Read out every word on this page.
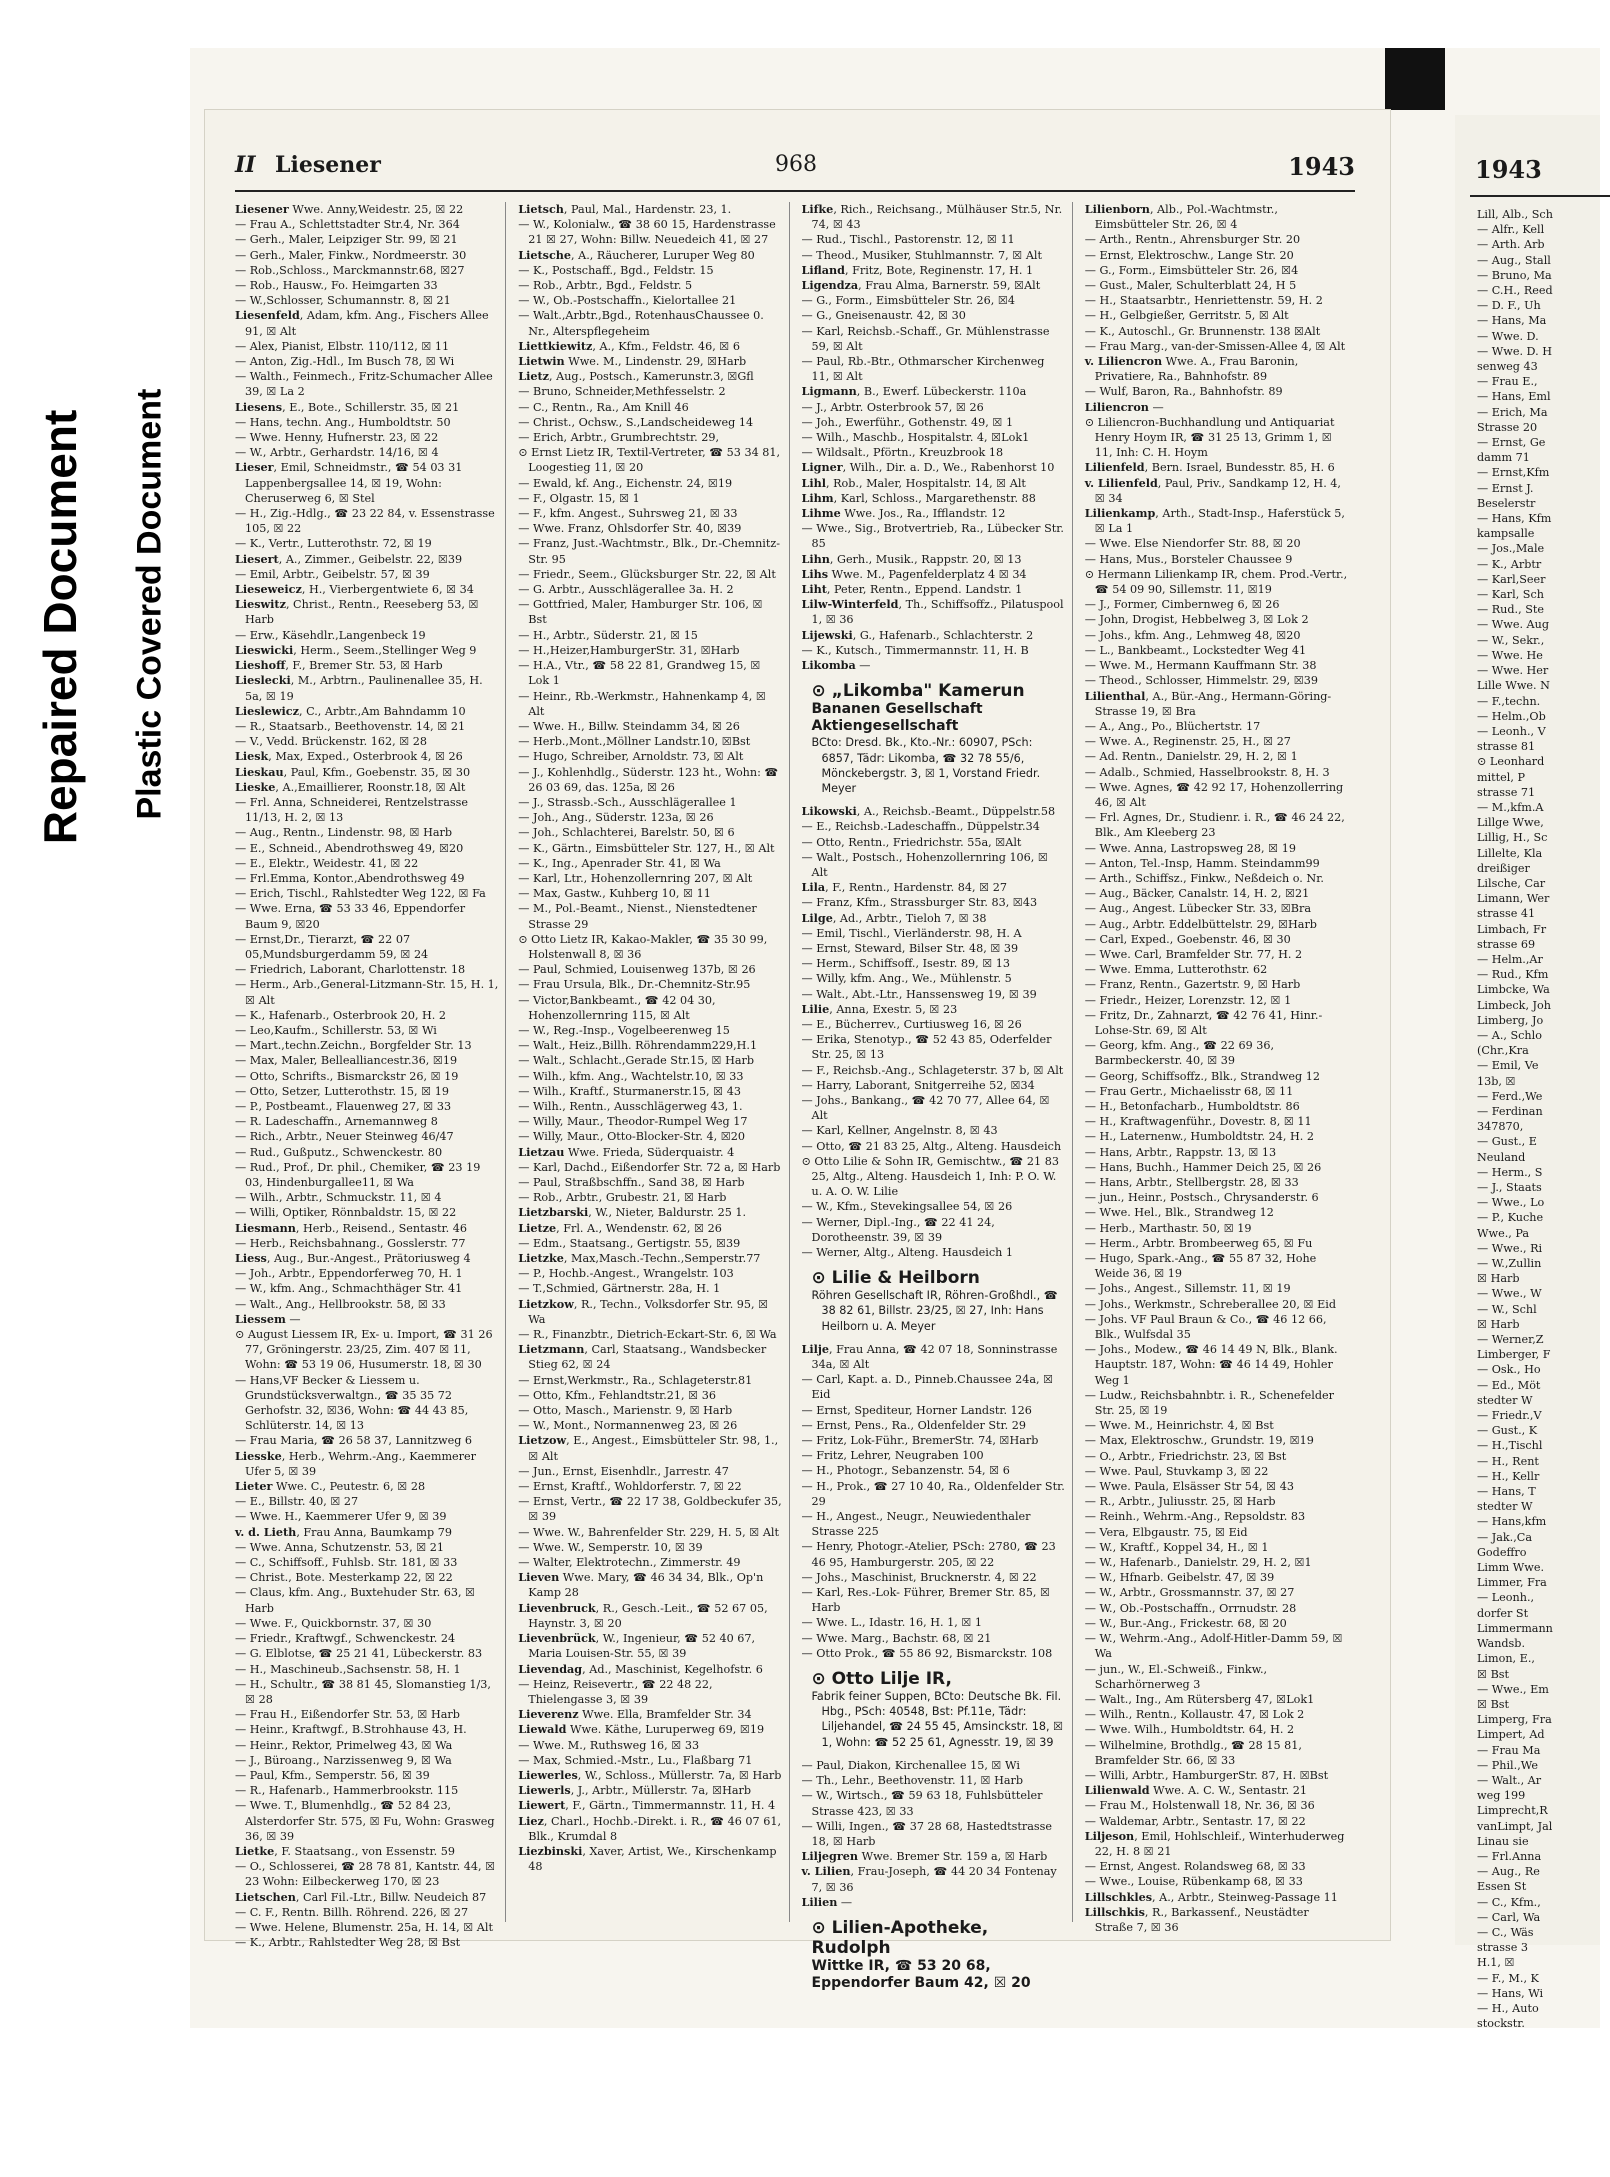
Repaired Document Plastic Covered Document
II Liesener	968	1943

Liesener Wwe. Anny,Weidestr. 25, ☒ 22

— Frau A., Schlettstadter Str.4, Nr. 364

— Gerh., Maler, Leipziger Str. 99, ☒ 21

— Gerh., Maler, Finkw., Nordmeerstr. 30

— Rob.,Schloss., Marckmannstr.68, ☒27

— Rob., Hausw., Fo. Heimgarten 33

— W.,Schlosser, Schumannstr. 8, ☒ 21

Liesenfeld, Adam, kfm. Ang., Fischers Allee 91, ☒ Alt

— Alex, Pianist, Elbstr. 110/112, ☒ 11

— Anton, Zig.-Hdl., Im Busch 78, ☒ Wi

— Walth., Feinmech., Fritz-Schumacher Allee 39, ☒ La 2

Liesens, E., Bote., Schillerstr. 35, ☒ 21

— Hans, techn. Ang., Humboldtstr. 50

— Wwe. Henny, Hufnerstr. 23, ☒ 22

— W., Arbtr., Gerhardstr. 14/16, ☒ 4

Lieser, Emil, Schneidmstr., ☎ 54 03 31 Lappenbergsallee 14, ☒ 19, Wohn: Cheruserweg 6, ☒ Stel

— H., Zig.-Hdlg., ☎ 23 22 84, v. Essenstrasse 105, ☒ 22

— K., Vertr., Lutterothstr. 72, ☒ 19

Liesert, A., Zimmer., Geibelstr. 22, ☒39

— Emil, Arbtr., Geibelstr. 57, ☒ 39

Lieseweicz, H., Vierbergentwiete 6, ☒ 34

Lieswitz, Christ., Rentn., Reeseberg 53, ☒ Harb

— Erw., Käsehdlr.,Langenbeck 19

Lieswicki, Herm., Seem.,Stellinger Weg 9

Lieshoff, F., Bremer Str. 53, ☒ Harb

Lieslecki, M., Arbtrn., Paulinenallee 35, H. 5a, ☒ 19

Lieslewicz, C., Arbtr.,Am Bahndamm 10

— R., Staatsarb., Beethovenstr. 14, ☒ 21

— V., Vedd. Brückenstr. 162, ☒ 28

Liesk, Max, Exped., Osterbrook 4, ☒ 26

Lieskau, Paul, Kfm., Goebenstr. 35, ☒ 30

Lieske, A.,Emaillierer, Roonstr.18, ☒ Alt

— Frl. Anna, Schneiderei, Rentzelstrasse 11/13, H. 2, ☒ 13

— Aug., Rentn., Lindenstr. 98, ☒ Harb

— E., Schneid., Abendrothsweg 49, ☒20

— E., Elektr., Weidestr. 41, ☒ 22

— Frl.Emma, Kontor.,Abendrothsweg 49

— Erich, Tischl., Rahlstedter Weg 122, ☒ Fa

— Wwe. Erna, ☎ 53 33 46, Eppendorfer Baum 9, ☒20

— Ernst,Dr., Tierarzt, ☎ 22 07 05,Mundsburgerdamm 59, ☒ 24

— Friedrich, Laborant, Charlottenstr. 18

— Herm., Arb.,General-Litzmann-Str. 15, H. 1, ☒ Alt

— K., Hafenarb., Osterbrook 20, H. 2

— Leo,Kaufm., Schillerstr. 53, ☒ Wi

— Mart.,techn.Zeichn., Borgfelder Str. 13

— Max, Maler, Bellealliancestr.36, ☒19

— Otto, Schrifts., Bismarckstr 26, ☒ 19

— Otto, Setzer, Lutterothstr. 15, ☒ 19

— P., Postbeamt., Flauenweg 27, ☒ 33

— R. Ladeschaffn., Arnemannweg 8

— Rich., Arbtr., Neuer Steinweg 46/47

— Rud., Gußputz., Schwenckestr. 80

— Rud., Prof., Dr. phil., Chemiker, ☎ 23 19 03, Hindenburgallee11, ☒ Wa

— Wilh., Arbtr., Schmuckstr. 11, ☒ 4

— Willi, Optiker, Rönnbaldstr. 15, ☒ 22

Liesmann, Herb., Reisend., Sentastr. 46

— Herb., Reichsbahnang., Gosslerstr. 77

Liess, Aug., Bur.-Angest., Prätoriusweg 4

— Joh., Arbtr., Eppendorferweg 70, H. 1

— W., kfm. Ang., Schmachthäger Str. 41

— Walt., Ang., Hellbrookstr. 58, ☒ 33

Liessem —

⊙ August Liessem IR, Ex- u. Import, ☎ 31 26 77, Gröningerstr. 23/25, Zim. 407 ☒ 11, Wohn: ☎ 53 19 06, Husumerstr. 18, ☒ 30

— Hans,VF Becker & Liessem u. Grundstücksverwaltgn., ☎ 35 35 72 Gerhofstr. 32, ☒36, Wohn: ☎ 44 43 85, Schlüterstr. 14, ☒ 13

— Frau Maria, ☎ 26 58 37, Lannitzweg 6

Liesske, Herb., Wehrm.-Ang., Kaemmerer Ufer 5, ☒ 39

Lieter Wwe. C., Peutestr. 6, ☒ 28

— E., Billstr. 40, ☒ 27

— Wwe. H., Kaemmerer Ufer 9, ☒ 39

v. d. Lieth, Frau Anna, Baumkamp 79

— Wwe. Anna, Schutzenstr. 53, ☒ 21

— C., Schiffsoff., Fuhlsb. Str. 181, ☒ 33

— Christ., Bote. Mesterkamp 22, ☒ 22

— Claus, kfm. Ang., Buxtehuder Str. 63, ☒ Harb

— Wwe. F., Quickbornstr. 37, ☒ 30

— Friedr., Kraftwgf., Schwenckestr. 24

— G. Elblotse, ☎ 25 21 41, Lübeckerstr. 83

— H., Maschineub.,Sachsenstr. 58, H. 1

— H., Schultr., ☎ 38 81 45, Slomanstieg 1/3, ☒ 28

— Frau H., Eißendorfer Str. 53, ☒ Harb

— Heinr., Kraftwgf., B.Strohhause 43, H.

— Heinr., Rektor, Primelweg 43, ☒ Wa

— J., Büroang., Narzissenweg 9, ☒ Wa

— Paul, Kfm., Semperstr. 56, ☒ 39

— R., Hafenarb., Hammerbrookstr. 115

— Wwe. T., Blumenhdlg., ☎ 52 84 23, Alsterdorfer Str. 575, ☒ Fu, Wohn: Grasweg 36, ☒ 39

Lietke, F. Staatsang., von Essenstr. 59

— O., Schlosserei, ☎ 28 78 81, Kantstr. 44, ☒ 23 Wohn: Eilbeckerweg 170, ☒ 23

Lietschen, Carl Fil.-Ltr., Billw. Neudeich 87

— C. F., Rentn. Billh. Röhrend. 226, ☒ 27

— Wwe. Helene, Blumenstr. 25a, H. 14, ☒ Alt

— K., Arbtr., Rahlstedter Weg 28, ☒ Bst

Lietsch, Paul, Mal., Hardenstr. 23, 1.

— W., Kolonialw., ☎ 38 60 15, Hardenstrasse 21 ☒ 27, Wohn: Billw. Neuedeich 41, ☒ 27

Lietsche, A., Räucherer, Luruper Weg 80

— K., Postschaff., Bgd., Feldstr. 15

— Rob., Arbtr., Bgd., Feldstr. 5

— W., Ob.-Postschaffn., Kielortallee 21

— Walt.,Arbtr.,Bgd., RotenhausChaussee 0. Nr., Alterspflegeheim

Liettkiewitz, A., Kfm., Feldstr. 46, ☒ 6

Lietwin Wwe. M., Lindenstr. 29, ☒Harb

Lietz, Aug., Postsch., Kamerunstr.3, ☒Gfl

— Bruno, Schneider,Methfesselstr. 2

— C., Rentn., Ra., Am Knill 46

— Christ., Ochsw., S.,Landscheideweg 14

— Erich, Arbtr., Grumbrechtstr. 29,

⊙ Ernst Lietz IR, Textil-Vertreter, ☎ 53 34 81, Loogestieg 11, ☒ 20

— Ewald, kf. Ang., Eichenstr. 24, ☒19

— F., Olgastr. 15, ☒ 1

— F., kfm. Angest., Suhrsweg 21, ☒ 33

— Wwe. Franz, Ohlsdorfer Str. 40, ☒39

— Franz, Just.-Wachtmstr., Blk., Dr.-Chemnitz-Str. 95

— Friedr., Seem., Glücksburger Str. 22, ☒ Alt

— G. Arbtr., Ausschlägerallee 3a. H. 2

— Gottfried, Maler, Hamburger Str. 106, ☒ Bst

— H., Arbtr., Süderstr. 21, ☒ 15

— H.,Heizer,HamburgerStr. 31, ☒Harb

— H.A., Vtr., ☎ 58 22 81, Grandweg 15, ☒ Lok 1

— Heinr., Rb.-Werkmstr., Hahnenkamp 4, ☒ Alt

— Wwe. H., Billw. Steindamm 34, ☒ 26

— Herb.,Mont.,Möllner Landstr.10, ☒Bst

— Hugo, Schreiber, Arnoldstr. 73, ☒ Alt

— J., Kohlenhdlg., Süderstr. 123 ht., Wohn: ☎ 26 03 69, das. 125a, ☒ 26

— J., Strassb.-Sch., Ausschlägerallee 1

— Joh., Ang., Süderstr. 123a, ☒ 26

— Joh., Schlachterei, Barelstr. 50, ☒ 6

— K., Gärtn., Eimsbütteler Str. 127, H., ☒ Alt

— K., Ing., Apenrader Str. 41, ☒ Wa

— Karl, Ltr., Hohenzollernring 207, ☒ Alt

— Max, Gastw., Kuhberg 10, ☒ 11

— M., Pol.-Beamt., Nienst., Nienstedtener Strasse 29

⊙ Otto Lietz IR, Kakao-Makler, ☎ 35 30 99, Holstenwall 8, ☒ 36

— Paul, Schmied, Louisenweg 137b, ☒ 26

— Frau Ursula, Blk., Dr.-Chemnitz-Str.95

— Victor,Bankbeamt., ☎ 42 04 30, Hohenzollernring 115, ☒ Alt

— W., Reg.-Insp., Vogelbeerenweg 15

— Walt., Heiz.,Billh. Röhrendamm229,H.1

— Walt., Schlacht.,Gerade Str.15, ☒ Harb

— Wilh., kfm. Ang., Wachtelstr.10, ☒ 33

— Wilh., Kraftf., Sturmanerstr.15, ☒ 43

— Wilh., Rentn., Ausschlägerweg 43, 1.

— Willy, Maur., Theodor-Rumpel Weg 17

— Willy, Maur., Otto-Blocker-Str. 4, ☒20

Lietzau Wwe. Frieda, Süderquaistr. 4

— Karl, Dachd., Eißendorfer Str. 72 a, ☒ Harb

— Paul, Straßbschffn., Sand 38, ☒ Harb

— Rob., Arbtr., Grubestr. 21, ☒ Harb

Lietzbarski, W., Nieter, Baldurstr. 25 1.

Lietze, Frl. A., Wendenstr. 62, ☒ 26

— Edm., Staatsang., Gertigstr. 55, ☒39

Lietzke, Max,Masch.-Techn.,Semperstr.77

— P., Hochb.-Angest., Wrangelstr. 103

— T.,Schmied, Gärtnerstr. 28a, H. 1

Lietzkow, R., Techn., Volksdorfer Str. 95, ☒ Wa

— R., Finanzbtr., Dietrich-Eckart-Str. 6, ☒ Wa

Lietzmann, Carl, Staatsang., Wandsbecker Stieg 62, ☒ 24

— Ernst,Werkmstr., Ra., Schlageterstr.81

— Otto, Kfm., Fehlandtstr.21, ☒ 36

— Otto, Masch., Marienstr. 9, ☒ Harb

— W., Mont., Normannenweg 23, ☒ 26

Lietzow, E., Angest., Eimsbütteler Str. 98, 1., ☒ Alt

— Jun., Ernst, Eisenhdlr., Jarrestr. 47

— Ernst, Kraftf., Wohldorferstr. 7, ☒ 22

— Ernst, Vertr., ☎ 22 17 38, Goldbeckufer 35, ☒ 39

— Wwe. W., Bahrenfelder Str. 229, H. 5, ☒ Alt

— Wwe. W., Semperstr. 10, ☒ 39

— Walter, Elektrotechn., Zimmerstr. 49

Lieven Wwe. Mary, ☎ 46 34 34, Blk., Op'n Kamp 28

Lievenbruck, R., Gesch.-Leit., ☎ 52 67 05, Haynstr. 3, ☒ 20

Lievenbrück, W., Ingenieur, ☎ 52 40 67, Maria Louisen-Str. 55, ☒ 39

Lievendag, Ad., Maschinist, Kegelhofstr. 6

— Heinz, Reisevertr., ☎ 22 48 22, Thielengasse 3, ☒ 39

Lieverenz Wwe. Ella, Bramfelder Str. 34

Liewald Wwe. Käthe, Luruperweg 69, ☒19

— Wwe. M., Ruthsweg 16, ☒ 33

— Max, Schmied.-Mstr., Lu., Flaßbarg 71

Liewerles, W., Schloss., Müllerstr. 7a, ☒ Harb

Liewerls, J., Arbtr., Müllerstr. 7a, ☒Harb

Liewert, F., Gärtn., Timmermannstr. 11, H. 4

Liez, Charl., Hochb.-Direkt. i. R., ☎ 46 07 61, Blk., Krumdal 8

Liezbinski, Xaver, Artist, We., Kirschenkamp 48

Lifke, Rich., Reichsang., Mülhäuser Str.5, Nr. 74, ☒ 43

— Rud., Tischl., Pastorenstr. 12, ☒ 11

— Theod., Musiker, Stuhlmannstr. 7, ☒ Alt

Lifland, Fritz, Bote, Reginenstr. 17, H. 1

Ligendza, Frau Alma, Barnerstr. 59, ☒Alt

— G., Form., Eimsbütteler Str. 26, ☒4

— G., Gneisenaustr. 42, ☒ 30

— Karl, Reichsb.-Schaff., Gr. Mühlenstrasse 59, ☒ Alt

— Paul, Rb.-Btr., Othmarscher Kirchenweg 11, ☒ Alt

Ligmann, B., Ewerf. Lübeckerstr. 110a

— J., Arbtr. Osterbrook 57, ☒ 26

— Joh., Ewerführ., Gothenstr. 49, ☒ 1

— Wilh., Maschb., Hospitalstr. 4, ☒Lok1

— Wildsalt., Pförtn., Kreuzbrook 18

Ligner, Wilh., Dir. a. D., We., Rabenhorst 10

Lihl, Rob., Maler, Hospitalstr. 14, ☒ Alt

Lihm, Karl, Schloss., Margarethenstr. 88

Lihme Wwe. Jos., Ra., Ifflandstr. 12

— Wwe., Sig., Brotvertrieb, Ra., Lübecker Str. 85

Lihn, Gerh., Musik., Rappstr. 20, ☒ 13

Lihs Wwe. M., Pagenfelderplatz 4 ☒ 34

Liht, Peter, Rentn., Eppend. Landstr. 1

Lilw-Winterfeld, Th., Schiffsoffz., Pilatuspool 1, ☒ 36

Lijewski, G., Hafenarb., Schlachterstr. 2

— K., Kutsch., Timmermannstr. 11, H. B

Likomba —

⊙ „Likomba" Kamerun
Bananen Gesellschaft Aktiengesellschaft
BCto: Dresd. Bk., Kto.-Nr.: 60907, PSch: 6857, Tädr: Likomba, ☎ 32 78 55/6, Mönckebergstr. 3, ☒ 1, Vorstand Friedr. Meyer

Likowski, A., Reichsb.-Beamt., Düppelstr.58

— E., Reichsb.-Ladeschaffn., Düppelstr.34

— Otto, Rentn., Friedrichstr. 55a, ☒Alt

— Walt., Postsch., Hohenzollernring 106, ☒ Alt

Lila, F., Rentn., Hardenstr. 84, ☒ 27

— Franz, Kfm., Strassburger Str. 83, ☒43

Lilge, Ad., Arbtr., Tieloh 7, ☒ 38

— Emil, Tischl., Vierländerstr. 98, H. A

— Ernst, Steward, Bilser Str. 48, ☒ 39

— Herm., Schiffsoff., Isestr. 89, ☒ 13

— Willy, kfm. Ang., We., Mühlenstr. 5

— Walt., Abt.-Ltr., Hanssensweg 19, ☒ 39

Lilie, Anna, Exestr. 5, ☒ 23

— E., Bücherrev., Curtiusweg 16, ☒ 26

— Erika, Stenotyp., ☎ 52 43 85, Oderfelder Str. 25, ☒ 13

— F., Reichsb.-Ang., Schlageterstr. 37 b, ☒ Alt

— Harry, Laborant, Snitgerreihe 52, ☒34

— Johs., Bankang., ☎ 42 70 77, Allee 64, ☒ Alt

— Karl, Kellner, Angelnstr. 8, ☒ 43

— Otto, ☎ 21 83 25, Altg., Alteng. Hausdeich

⊙ Otto Lilie & Sohn IR, Gemischtw., ☎ 21 83 25, Altg., Alteng. Hausdeich 1, Inh: P. O. W. u. A. O. W. Lilie

— W., Kfm., Stevekingsallee 54, ☒ 26

— Werner, Dipl.-Ing., ☎ 22 41 24, Dorotheenstr. 39, ☒ 39

— Werner, Altg., Alteng. Hausdeich 1

⊙ Lilie & Heilborn
Röhren Gesellschaft IR, Röhren-Großhdl., ☎ 38 82 61, Billstr. 23/25, ☒ 27, Inh: Hans Heilborn u. A. Meyer

Lilje, Frau Anna, ☎ 42 07 18, Sonninstrasse 34a, ☒ Alt

— Carl, Kapt. a. D., Pinneb.Chaussee 24a, ☒ Eid

— Ernst, Spediteur, Horner Landstr. 126

— Ernst, Pens., Ra., Oldenfelder Str. 29

— Fritz, Lok-Führ., BremerStr. 74, ☒Harb

— Fritz, Lehrer, Neugraben 100

— H., Photogr., Sebanzenstr. 54, ☒ 6

— H., Prok., ☎ 27 10 40, Ra., Oldenfelder Str. 29

— H., Angest., Neugr., Neuwiedenthaler Strasse 225

— Henry, Photogr.-Atelier, PSch: 2780, ☎ 23 46 95, Hamburgerstr. 205, ☒ 22

— Johs., Maschinist, Brucknerstr. 4, ☒ 22

— Karl, Res.-Lok- Führer, Bremer Str. 85, ☒ Harb

— Wwe. L., Idastr. 16, H. 1, ☒ 1

— Wwe. Marg., Bachstr. 68, ☒ 21

— Otto Prok., ☎ 55 86 92, Bismarckstr. 108

⊙ Otto Lilje IR,
Fabrik feiner Suppen, BCto: Deutsche Bk. Fil. Hbg., PSch: 40548, Bst: Pf.11e, Tädr: Liljehandel, ☎ 24 55 45, Amsinckstr. 18, ☒ 1, Wohn: ☎ 52 25 61, Agnesstr. 19, ☒ 39

— Paul, Diakon, Kirchenallee 15, ☒ Wi

— Th., Lehr., Beethovenstr. 11, ☒ Harb

— W., Wirtsch., ☎ 59 63 18, Fuhlsbütteler Strasse 423, ☒ 33

— Willi, Ingen., ☎ 37 28 68, Hastedtstrasse 18, ☒ Harb

Liljegren Wwe. Bremer Str. 159 a, ☒ Harb

v. Lilien, Frau-Joseph, ☎ 44 20 34 Fontenay 7, ☒ 36

Lilien —

⊙ Lilien-Apotheke, Rudolph
Wittke IR, ☎ 53 20 68, Eppendorfer Baum 42, ☒ 20

Lilienborn, Alb., Pol.-Wachtmstr., Eimsbütteler Str. 26, ☒ 4

— Arth., Rentn., Ahrensburger Str. 20

— Ernst, Elektroschw., Lange Str. 20

— G., Form., Eimsbütteler Str. 26, ☒4

— Gust., Maler, Schulterblatt 24, H 5

— H., Staatsarbtr., Henriettenstr. 59, H. 2

— H., Gelbgießer, Gerritstr. 5, ☒ Alt

— K., Autoschl., Gr. Brunnenstr. 138 ☒Alt

— Frau Marg., van-der-Smissen-Allee 4, ☒ Alt

v. Liliencron Wwe. A., Frau Baronin, Privatiere, Ra., Bahnhofstr. 89

— Wulf, Baron, Ra., Bahnhofstr. 89

Liliencron —

⊙ Liliencron-Buchhandlung und Antiquariat Henry Hoym IR, ☎ 31 25 13, Grimm 1, ☒ 11, Inh: C. H. Hoym

Lilienfeld, Bern. Israel, Bundesstr. 85, H. 6

v. Lilienfeld, Paul, Priv., Sandkamp 12, H. 4, ☒ 34

Lilienkamp, Arth., Stadt-Insp., Haferstück 5, ☒ La 1

— Wwe. Else Niendorfer Str. 88, ☒ 20

— Hans, Mus., Borsteler Chaussee 9

⊙ Hermann Lilienkamp IR, chem. Prod.-Vertr., ☎ 54 09 90, Sillemstr. 11, ☒19

— J., Former, Cimbernweg 6, ☒ 26

— John, Drogist, Hebbelweg 3, ☒ Lok 2

— Johs., kfm. Ang., Lehmweg 48, ☒20

— L., Bankbeamt., Lockstedter Weg 41

— Wwe. M., Hermann Kauffmann Str. 38

— Theod., Schlosser, Himmelstr. 29, ☒39

Lilienthal, A., Bür.-Ang., Hermann-Göring-Strasse 19, ☒ Bra

— A., Ang., Po., Blüchertstr. 17

— Wwe. A., Reginenstr. 25, H., ☒ 27

— Ad. Rentn., Danielstr. 29, H. 2, ☒ 1

— Adalb., Schmied, Hasselbrookstr. 8, H. 3

— Wwe. Agnes, ☎ 42 92 17, Hohenzollerring 46, ☒ Alt

— Frl. Agnes, Dr., Studienr. i. R., ☎ 46 24 22, Blk., Am Kleeberg 23

— Wwe. Anna, Lastropsweg 28, ☒ 19

— Anton, Tel.-Insp, Hamm. Steindamm99

— Arth., Schiffsz., Finkw., Neßdeich o. Nr.

— Aug., Bäcker, Canalstr. 14, H. 2, ☒21

— Aug., Angest. Lübecker Str. 33, ☒Bra

— Aug., Arbtr. Eddelbüttelstr. 29, ☒Harb

— Carl, Exped., Goebenstr. 46, ☒ 30

— Wwe. Carl, Bramfelder Str. 77, H. 2

— Wwe. Emma, Lutterothstr. 62

— Franz, Rentn., Gazertstr. 9, ☒ Harb

— Friedr., Heizer, Lorenzstr. 12, ☒ 1

— Fritz, Dr., Zahnarzt, ☎ 42 76 41, Hinr.-Lohse-Str. 69, ☒ Alt

— Georg, kfm. Ang., ☎ 22 69 36, Barmbeckerstr. 40, ☒ 39

— Georg, Schiffsoffz., Blk., Strandweg 12

— Frau Gertr., Michaelisstr 68, ☒ 11

— H., Betonfacharb., Humboldtstr. 86

— H., Kraftwagenführ., Dovestr. 8, ☒ 11

— H., Laternenw., Humboldtstr. 24, H. 2

— Hans, Arbtr., Rappstr. 13, ☒ 13

— Hans, Buchh., Hammer Deich 25, ☒ 26

— Hans, Arbtr., Stellbergstr. 28, ☒ 33

— jun., Heinr., Postsch., Chrysanderstr. 6

— Wwe. Hel., Blk., Strandweg 12

— Herb., Marthastr. 50, ☒ 19

— Herm., Arbtr. Brombeerweg 65, ☒ Fu

— Hugo, Spark.-Ang., ☎ 55 87 32, Hohe Weide 36, ☒ 19

— Johs., Angest., Sillemstr. 11, ☒ 19

— Johs., Werkmstr., Schreberallee 20, ☒ Eid

— Johs. VF Paul Braun & Co., ☎ 46 12 66, Blk., Wulfsdal 35

— Johs., Modew., ☎ 46 14 49 N, Blk., Blank. Hauptstr. 187, Wohn: ☎ 46 14 49, Hohler Weg 1

— Ludw., Reichsbahnbtr. i. R., Schenefelder Str. 25, ☒ 19

— Wwe. M., Heinrichstr. 4, ☒ Bst

— Max, Elektroschw., Grundstr. 19, ☒19

— O., Arbtr., Friedrichstr. 23, ☒ Bst

— Wwe. Paul, Stuvkamp 3, ☒ 22

— Wwe. Paula, Elsässer Str 54, ☒ 43

— R., Arbtr., Juliusstr. 25, ☒ Harb

— Reinh., Wehrm.-Ang., Repsoldstr. 83

— Vera, Elbgaustr. 75, ☒ Eid

— W., Kraftf., Koppel 34, H., ☒ 1

— W., Hafenarb., Danielstr. 29, H. 2, ☒1

— W., Hfnarb. Geibelstr. 47, ☒ 39

— W., Arbtr., Grossmannstr. 37, ☒ 27

— W., Ob.-Postschaffn., Orrnudstr. 28

— W., Bur.-Ang., Frickestr. 68, ☒ 20

— W., Wehrm.-Ang., Adolf-Hitler-Damm 59, ☒ Wa

— jun., W., El.-Schweiß., Finkw., Scharhörnerweg 3

— Walt., Ing., Am Rütersberg 47, ☒Lok1

— Wilh., Rentn., Kollaustr. 47, ☒ Lok 2

— Wwe. Wilh., Humboldtstr. 64, H. 2

— Wilhelmine, Brothdlg., ☎ 28 15 81, Bramfelder Str. 66, ☒ 33

— Willi, Arbtr., HamburgerStr. 87, H. ☒Bst

Lilienwald Wwe. A. C. W., Sentastr. 21

— Frau M., Holstenwall 18, Nr. 36, ☒ 36

— Waldemar, Arbtr., Sentastr. 17, ☒ 22

Liljeson, Emil, Hohlschleif., Winterhuderweg 22, H. 8 ☒ 21

— Ernst, Angest. Rolandsweg 68, ☒ 33

— Wwe., Louise, Rübenkamp 68, ☒ 33

Lillschkles, A., Arbtr., Steinweg-Passage 11

Lillschkis, R., Barkassenf., Neustädter Straße 7, ☒ 36

1943
Lill, Alb., Sch
— Alfr., Kell
— Arth. Arb
— Aug., Stall
— Bruno, Ma
— C.H., Reed
— D. F., Uh
— Hans, Ma
— Wwe. D.
— Wwe. D. H
senweg 43
— Frau E.,
— Hans, Eml
— Erich, Ma
Strasse 20
— Ernst, Ge
damm 71
— Ernst,Kfm
— Ernst J.
Beselerstr
— Hans, Kfm
kampsalle
— Jos.,Male
— K., Arbtr
— Karl,Seer
— Karl, Sch
— Rud., Ste
— Wwe. Aug
— W., Sekr.,
— Wwe. He
— Wwe. Her
Lille Wwe. N
— F.,techn.
— Helm.,Ob
— Leonh., V
strasse 81
⊙ Leonhard
mittel, P
strasse 71
— M.,kfm.A
Lillge Wwe,
Lillig, H., Sc
Lillelte, Kla
dreißiger
Lilsche, Car
Limann, Wer
strasse 41
Limbach, Fr
strasse 69
— Helm.,Ar
— Rud., Kfm
Limbcke, Wa
Limbeck, Joh
Limberg, Jo
— A., Schlo
(Chr.,Kra
— Emil, Ve
13b, ☒
— Ferd.,We
— Ferdinan
347870,
— Gust., E
Neuland
— Herm., S
— J., Staats
— Wwe., Lo
— P., Kuche
Wwe., Pa
— Wwe., Ri
— W.,Zullin
☒ Harb
— Wwe., W
— W., Schl
☒ Harb
— Werner,Z
Limberger, F
— Osk., Ho
— Ed., Möt
stedter W
— Friedr.,V
— Gust., K
— H.,Tischl
— H., Rent
— H., Kellr
— Hans, T
stedter W
— Hans,kfm
— Jak.,Ca
Godeffro
Limm Wwe.
Limmer, Fra
— Leonh.,
dorfer St
Limmermann
Wandsb.
Limon, E.,
☒ Bst
— Wwe., Em
☒ Bst
Limperg, Fra
Limpert, Ad
— Frau Ma
— Phil.,We
— Walt., Ar
weg 199
Limprecht,R
vanLimpt, Jal
Linau sie
— Frl.Anna
— Aug., Re
Essen St
— C., Kfm.,
— Carl, Wa
— C., Wäs
strasse 3
H.1, ☒
— F., M., K
— Hans, Wi
— H., Auto
stockstr.
